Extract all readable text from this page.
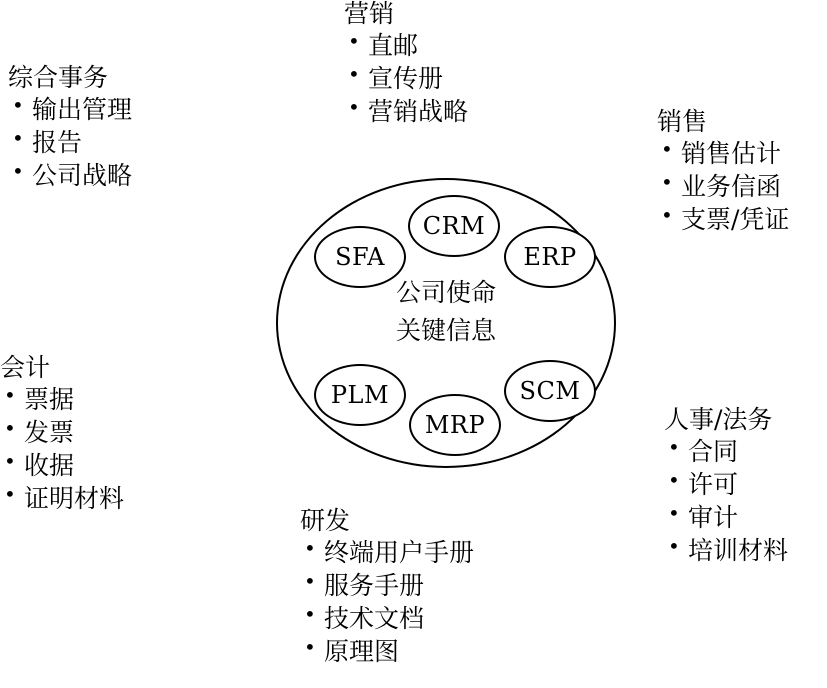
营销
• 直邮
• 宣传册
• 营销战略
综合事务
• 输出管理
• 报告
• 公司战略
销售
• 销售估计
• 业务信函
• 支票/凭证
会计
• 票据
• 发票
• 收据
• 证明材料
人事/法务
• 合同
• 许可
• 审计
• 培训材料
研发
• 终端用户手册
• 服务手册
• 技术文档
• 原理图
公司使命
关键信息
CRM
SFA	ERP
PLM
MRP
SCM
